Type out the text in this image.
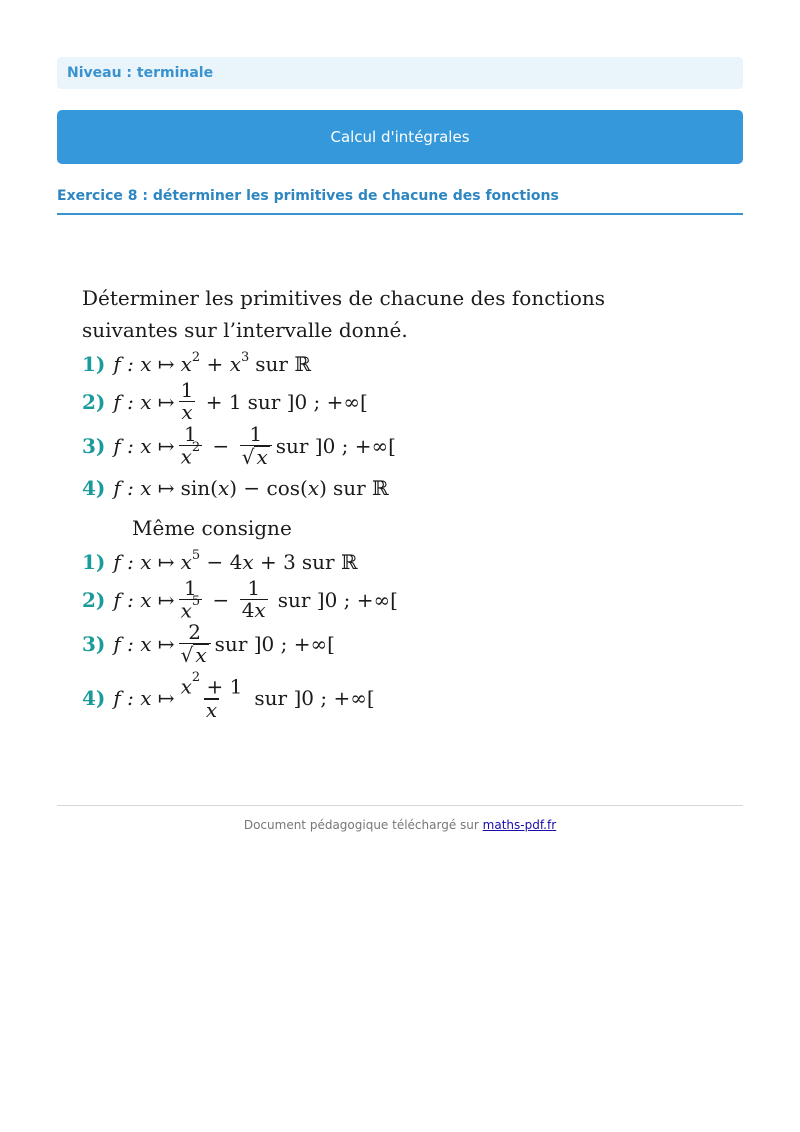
Niveau : terminale
Calcul d'intégrales
Exercice 8 : déterminer les primitives de chacune des fonctions
Déterminer les primitives de chacune des fonctions
suivantes sur l’intervalle donné.
1) f : x ↦ x 2 + x 3 sur ℝ
2) f : x ↦ $\frac{1}{x} + 1$ sur ]0 ; +∞[
3) f : x ↦ $\frac{1}{x^2} - \frac{1}{√ x}$ sur ]0 ; +∞[
4) f : x ↦ sin( x ) − cos( x ) sur ℝ
Même consigne
1) f : x ↦ x 5 − 4 x + 3 sur ℝ
2) f : x ↦ $\frac{1}{x^5} - \frac{1}{4x}$ sur ]0 ; +∞[
3) f : x ↦ $\frac{2}{√ x}$ sur ]0 ; +∞[
4) f : x ↦ $\frac{x^2 + 1}{x}$ sur ]0 ; +∞[
Document pédagogique téléchargé sur maths-pdf.fr
